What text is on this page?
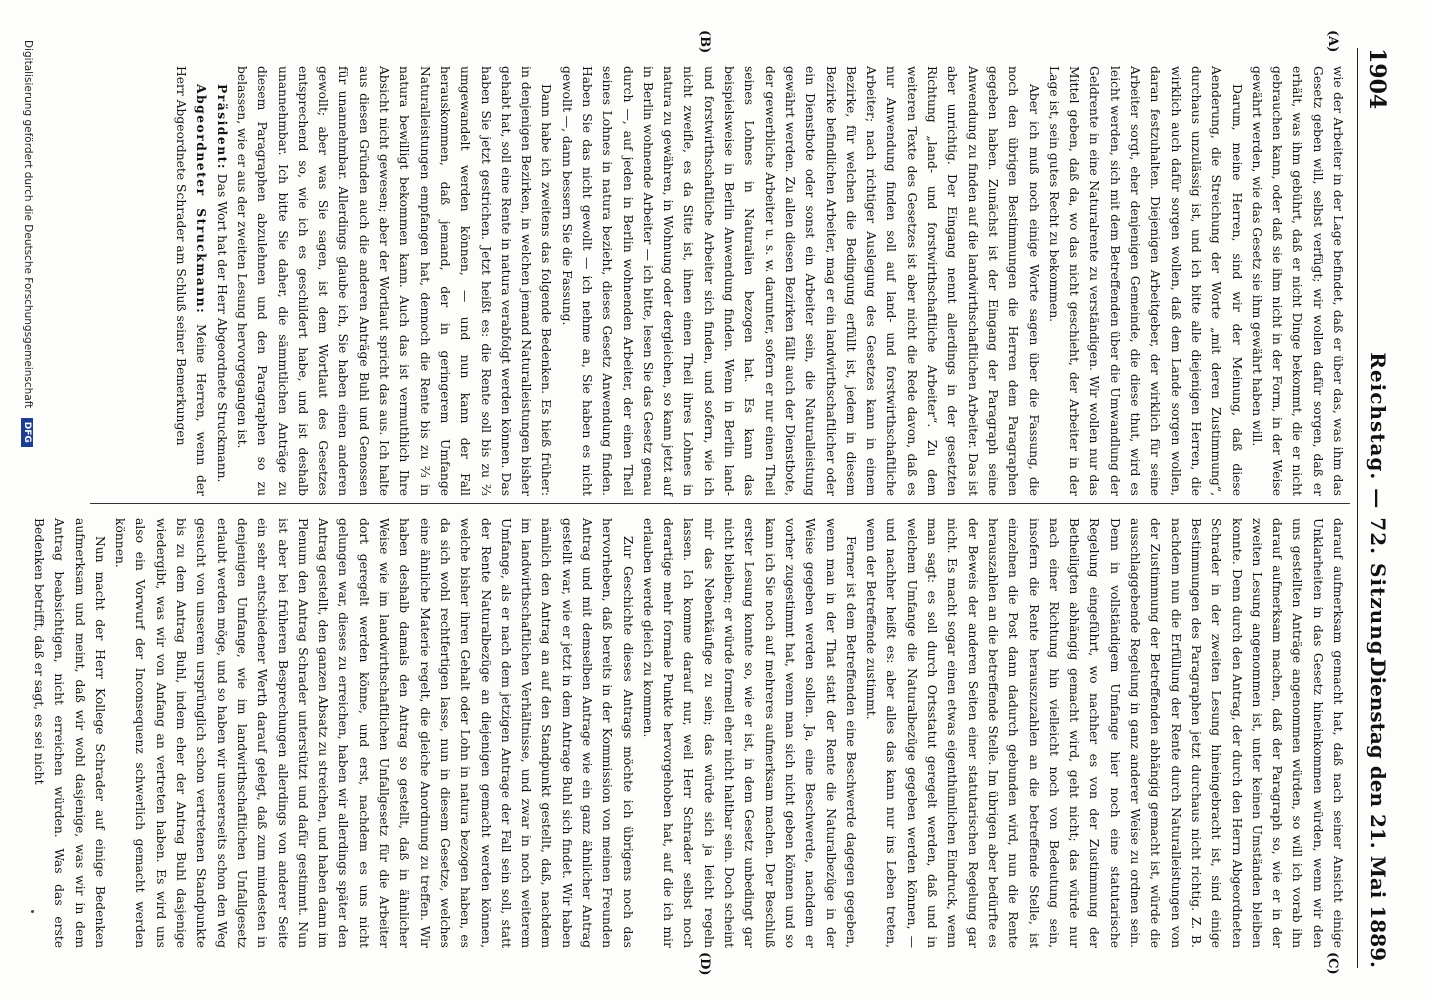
1904
Reichstag. — 72. Sitzung.
Dienstag den 21. Mai 1889.
(A)
(B)
(C)
(D)

wie der Arbeiter in der Lage befindet, daß er über das, was ihm das Gesetz geben will, selbst verfügt; wir wollen dafür sorgen, daß er erhält, was ihm gebührt, daß er nicht Dinge bekommt, die er nicht gebrauchen kann, oder daß sie ihm nicht in der Form, in der Weise gewährt werden, wie das Gesetz sie ihm gewährt haben will.

Darum, meine Herren, sind wir der Meinung, daß diese Aenderung, die Streichung der Worte „mit deren Zustimmung“, durchaus unzulässig ist, und ich bitte alle diejenigen Herren, die wirklich auch dafür sorgen wollen, daß dem Lande sorgen wollen, daran festzuhalten. Diejenigen Arbeitgeber, der wirklich für seine Arbeiter sorgt, eher denjenigen Gemeinde, die diese thut, wird es leicht werden, sich mit dem Betreffenden über die Umwandlung der Geldrente in eine Naturalrente zu verständigen. Wir wollen nur das Mittel geben, daß da, wo das nicht geschieht, der Arbeiter in der Lage ist, sein gutes Recht zu bekommen.

Aber ich muß noch einige Worte sagen über die Fassung, die noch den übrigen Bestimmungen die Herren dem Paragraphen gegeben haben. Zunächst ist der Eingang der Paragraph seine Anwendung zu finden auf die landwirthschaftlichen Arbeiter. Das ist aber unrichtig. Der Eingang nennt allerdings in der gesetzten Richtung „land- und forstwirthschaftliche Arbeiter“. Zu dem weiteren Texte des Gesetzes ist aber nicht die Rede davon, daß es nur Anwendung finden soll auf land- und forstwirthschaftliche Arbeiter; nach richtiger Auslegung des Gesetzes kann in einem Bezirke, für welchen die Bedingung erfüllt ist, jedem in diesem Bezirke befindlichen Arbeiter, mag er ein landwirthschaftlicher oder ein Dienstbote oder sonst ein Arbeiter sein, die Naturalleistung gewährt werden. Zu allen diesen Bezirken fällt auch der Dienstbote, der gewerbliche Arbeiter u. s. w. darunter, sofern er nur einen Theil seines Lohnes in Naturalien bezogen hat. Es kann das beispielsweise in Berlin Anwendung finden. Wenn in Berlin land- und forstwirthschaftliche Arbeiter sich finden, und sofern, wie ich nicht zweifle, es da Sitte ist, ihnen einen Theil ihres Lohnes in natura zu gewähren, in Wohnung oder dergleichen, so kann jetzt auf in Berlin wohnende Arbeiter — ich bitte, lesen Sie das Gesetz genau durch —, auf jeden in Berlin wohnenden Arbeiter, der einen Theil seines Lohnes in natura bezieht, dieses Gesetz Anwendung finden. Haben Sie das nicht gewollt — ich nehme an, Sie haben es nicht gewollt —, dann bessern Sie die Fassung.

Dann habe ich zweitens das folgende Bedenken. Es hieß früher: in denjenigen Bezirken, in welchen jemand Naturalleistungen bisher gehabt hat, soll eine Rente in natura verabfolgt werden können. Das haben Sie jetzt gestrichen. Jetzt heißt es: die Rente soll bis zu ⅔ umgewandelt werden können, — und nun kann der Fall herauskommen, daß jemand, der in geringerem Umfange Naturalleistungen empfangen hat, dennoch die Rente bis zu ⅔ in natura bewilligt bekommen kann. Auch das ist vermuthlich Ihre Absicht nicht gewesen; aber der Wortlaut spricht das aus. Ich halte aus diesen Gründen auch die anderen Anträge Buhl und Genossen für unannehmbar. Allerdings glaube ich, Sie haben einen anderen gewollt; aber was Sie sagen, ist dem Wortlaut des Gesetzes entsprechend so, wie ich es geschildert habe, und ist deshalb unannehmbar. Ich bitte Sie daher, die sämmtlichen Anträge zu diesem Paragraphen abzulehnen und den Paragraphen so zu belassen, wie er aus der zweiten Lesung hervorgegangen ist.

Präsident: Das Wort hat der Herr Abgeordnete Struckmann.

Abgeordneter Struckmann: Meine Herren, wenn der Herr Abgeordnete Schrader am Schluß seiner Bemerkungen

darauf aufmerksam gemacht hat, daß nach seiner Ansicht einige Unklarheiten in das Gesetz hineinkommen würden, wenn wir den uns gestellten Anträge angenommen würden, so will ich vorab ihn darauf aufmerksam machen, daß der Paragraph so, wie er in der zweiten Lesung angenommen ist, unter keinen Umständen bleiben konnte. Denn durch den Antrag, der durch den Herrn Abgeordneten Schrader in der zweiten Lesung hineingebracht ist, sind einige Bestimmungen des Paragraphen jetzt durchaus nicht richtig. Z. B. nachdem nun die Erfüllung der Rente durch Naturalleistungen von der Zustimmung der Betreffenden abhängig gemacht ist, würde die ausschlaggebende Regelung in ganz anderer Weise zu ordnen sein. Denn in vollständigem Umfange hier noch eine statutarische Regelung eingeführt, wo nachher es von der Zustimmung der Betheiligten abhängig gemacht wird, geht nicht; das würde nur nach einer Richtung hin vielleicht noch von Bedeutung sein, insofern die Rente herauszuzahlen an die betreffende Stelle, ist einzelnen die Post dann dadurch gebunden wird, nun die Rente herauszahlen an die betreffende Stelle. Im übrigen aber bedürfte es der Beweis der anderen Seiten einer statutarischen Regelung gar nicht. Es macht sogar einen etwas eigenthümlichen Eindruck, wenn man sagt: es soll durch Ortsstatut geregelt werden, daß und in welchem Umfange die Naturalbezüge gegeben werden können, — und nachher heißt es: aber alles das kann nur ins Leben treten, wenn der Betreffende zustimmt.

Ferner ist dem Betreffenden eine Beschwerde dagegen gegeben, wenn man in der That statt der Rente die Naturalbezüge in der Weise gegeben werden sollen. Ja, eine Beschwerde, nachdem er vorher zugestimmt hat, wenn man sich nicht geben können und so kann ich Sie noch auf mehreres aufmerksam machen. Der Beschluß erster Lesung konnte so, wie er ist, in dem Gesetz unbedingt gar nicht bleiben; er würde formell eher nicht haltbar sein. Doch scheint mir das Nebenkäufige zu sein; das würde sich ja leicht regeln lassen. Ich komme darauf nur, weil Herr Schrader selbst noch derartige mehr formale Punkte hervorgehoben hat, auf die ich mir erlauben werde gleich zu kommen.

Zur Geschichte dieses Antrags möchte ich übrigens noch das hervorheben, daß bereits in der Kommission von meinen Freunden Antrag und mit demselben Antrage wie ein ganz ähnlicher Antrag gestellt war, wie er jetzt in dem Antrage Buhl sich findet. Wir haben nämlich den Antrag an auf den Standpunkt gestellt, daß, nachdem im landwirthschaftlichen Verhältnisse, und zwar in noch weiterem Umfange, als er nach dem jetzigen Antrage der Fall sein soll, statt der Rente Naturalbezüge an diejenigen gemacht werden können, welche bisher ihren Gehalt oder Lohn in natura bezogen haben, es da sich wohl rechtfertigen lasse, nun in diesem Gesetze, welches eine ähnliche Materie regelt, die gleiche Anordnung zu treffen. Wir haben deshalb damals den Antrag so gestellt, daß in ähnlicher Weise wie im landwirthschaftlichen Unfallgesetz für die Arbeiter dort geregelt werden könne, und erst, nachdem es uns nicht gelungen war, dieses zu erreichen, haben wir allerdings später den Antrag gestellt, den ganzen Absatz zu streichen, und haben dann im Plenum den Antrag Schrader unterstützt und dafür gestimmt. Nun ist aber bei früheren Besprechungen allerdings von anderer Seite ein sehr entschiedener Werth darauf gelegt, daß zum mindesten in denjenigen Umfange, wie im landwirthschaftlichen Unfallgesetz erlaubt werden möge, und so haben wir unsererseits schon den Weg gesucht von unserem ursprünglich schon vertretenen Standpunkte bis zu dem Antrag Buhl, indem eher der Antrag Buhl dasjenige wiedergibt, was wir von Anfang an vertreten haben. Es wird uns also ein Vorwurf der Inconsequenz schwerlich gemacht werden können.

Nun macht der Herr Kollege Schrader auf einige Bedenken aufmerksam und meint, daß wir wohl dasjenige, was wir in dem Antrag beabsichtigen, nicht erreichen würden. Was das erste Bedenken betrifft, daß er sagt, es sei nicht

Digitalisierung gefördert durch die Deutsche Forschungsgemeinschaft DFG
